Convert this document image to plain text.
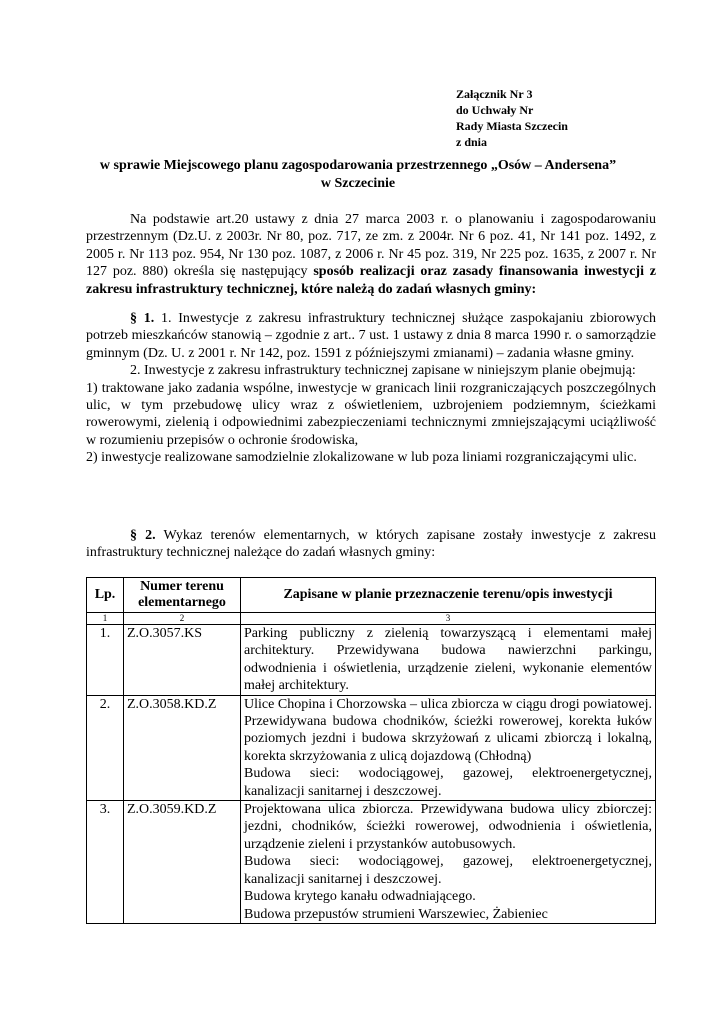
Załącznik Nr 3
do Uchwały Nr
Rady Miasta Szczecin
z dnia
w sprawie Miejscowego planu zagospodarowania przestrzennego „Osów – Andersena”
w Szczecinie

Na podstawie art.20 ustawy z dnia 27 marca 2003 r. o planowaniu i zagospodarowaniu przestrzennym (Dz.U. z 2003r. Nr 80, poz. 717, ze zm. z 2004r. Nr 6 poz. 41, Nr 141 poz. 1492, z 2005 r. Nr 113 poz. 954, Nr 130 poz. 1087, z 2006 r. Nr 45 poz. 319, Nr 225 poz. 1635, z 2007 r. Nr 127 poz. 880) określa się następujący sposób realizacji oraz zasady finansowania inwestycji z zakresu infrastruktury technicznej, które należą do zadań własnych gminy:

§ 1. 1. Inwestycje z zakresu infrastruktury technicznej służące zaspokajaniu zbiorowych potrzeb mieszkańców stanowią – zgodnie z art.. 7 ust. 1 ustawy z dnia 8 marca 1990 r. o samorządzie gminnym (Dz. U. z 2001 r. Nr 142, poz. 1591 z późniejszymi zmianami) – zadania własne gminy.

2. Inwestycje z zakresu infrastruktury technicznej zapisane w niniejszym planie obejmują:

1) traktowane jako zadania wspólne, inwestycje w granicach linii rozgraniczających poszczególnych ulic, w tym przebudowę ulicy wraz z oświetleniem, uzbrojeniem podziemnym, ścieżkami rowerowymi, zielenią i odpowiednimi zabezpieczeniami technicznymi zmniejszającymi uciążliwość w rozumieniu przepisów o ochronie środowiska,

2) inwestycje realizowane samodzielnie zlokalizowane w lub poza liniami rozgraniczającymi ulic.

§ 2. Wykaz terenów elementarnych, w których zapisane zostały inwestycje z zakresu infrastruktury technicznej należące do zadań własnych gminy:

Lp.	Numer terenu elementarnego	Zapisane w planie przeznaczenie terenu/opis inwestycji
1	2	3
1.	Z.O.3057.KS	Parking publiczny z zielenią towarzyszącą i elementami małej architektury. Przewidywana budowa nawierzchni parkingu, odwodnienia i oświetlenia, urządzenie zieleni, wykonanie elementów małej architektury.

2.	Z.O.3058.KD.Z	Ulice Chopina i Chorzowska – ulica zbiorcza w ciągu drogi powiatowej. Przewidywana budowa chodników, ścieżki rowerowej, korekta łuków poziomych jezdni i budowa skrzyżowań z ulicami zbiorczą i lokalną, korekta skrzyżowania z ulicą dojazdową (Chłodną)
Budowa sieci: wodociągowej, gazowej, elektroenergetycznej, kanalizacji sanitarnej i deszczowej.

3.	Z.O.3059.KD.Z	Projektowana ulica zbiorcza. Przewidywana budowa ulicy zbiorczej: jezdni, chodników, ścieżki rowerowej, odwodnienia i oświetlenia, urządzenie zieleni i przystanków autobusowych.
Budowa sieci: wodociągowej, gazowej, elektroenergetycznej, kanalizacji sanitarnej i deszczowej.
Budowa krytego kanału odwadniającego.
Budowa przepustów strumieni Warszewiec, Żabieniec
